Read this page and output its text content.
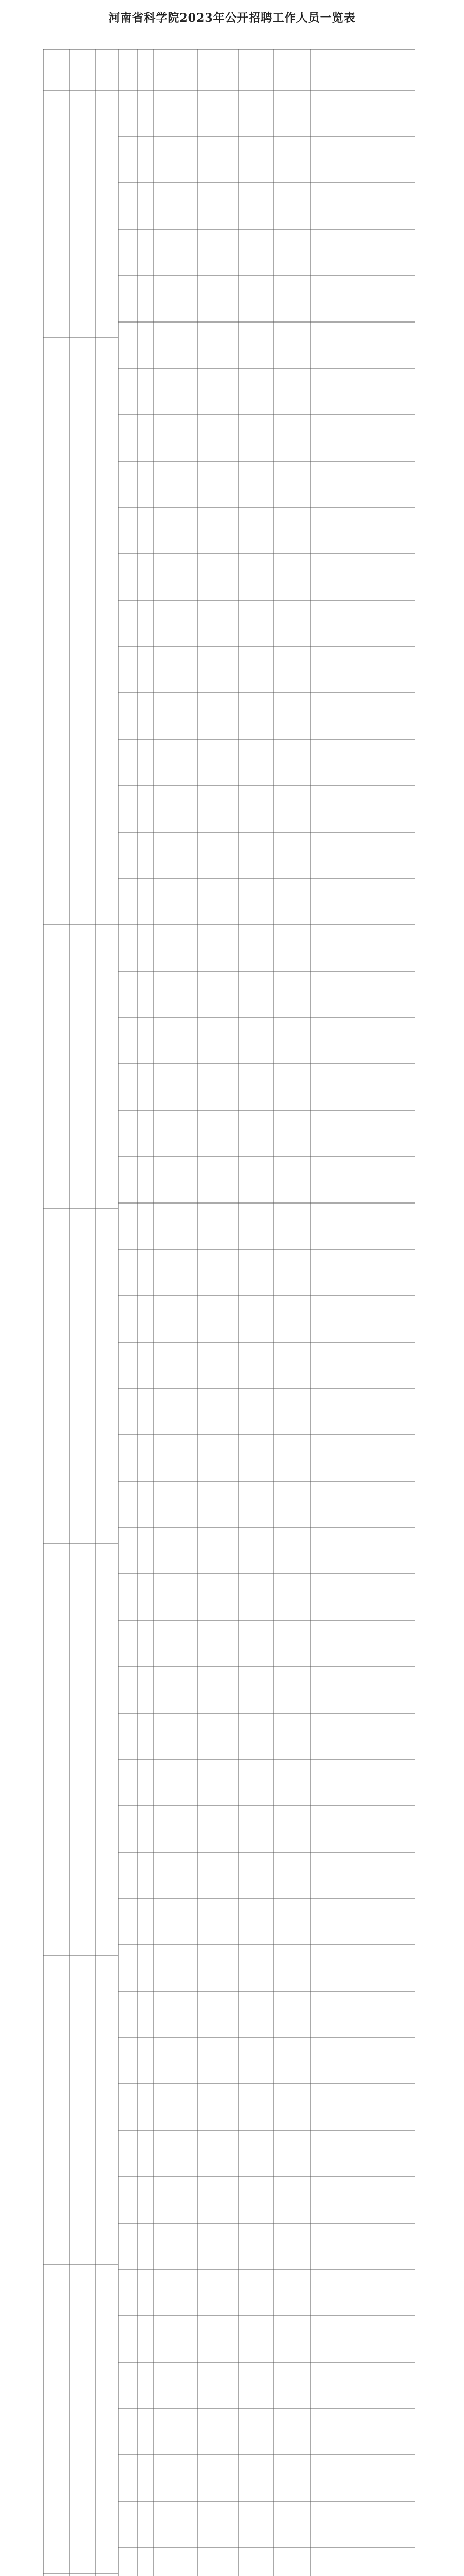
河南省科学院2023年公开招聘工作人员一览表
